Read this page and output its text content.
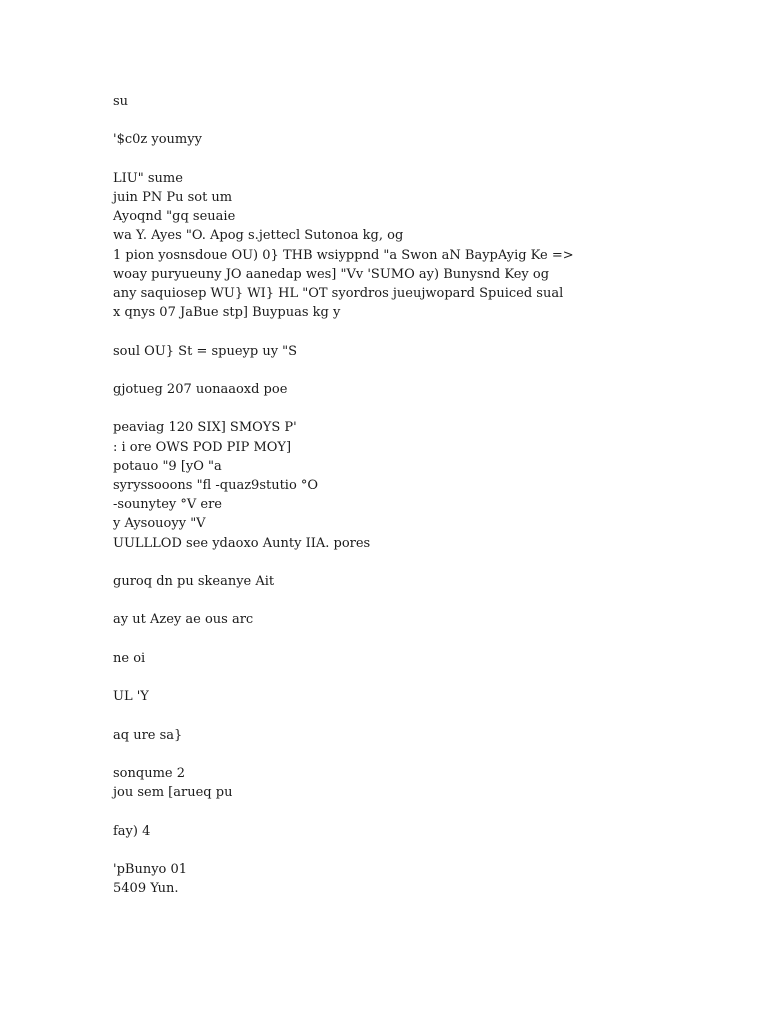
su
'$c0z youmyy
LIU" sume
juin PN Pu sot um
Ayoqnd "gq seuaie
wa Y. Ayes "O. Apog s.jettecl Sutonoa kg, og
1 pion yosnsdoue OU) 0} THB wsiyppnd "a Swon aN BaypAyig Ke =>
woay puryueuny JO aanedap wes] "Vv 'SUMO ay) Bunysnd Key og
any saquiosep WU} WI} HL "OT syordros jueujwopard Spuiced sual
x qnys 07 JaBue stp] Buypuas kg y
soul OU} St = spueyp uy "S
gjotueg 207 uonaaoxd poe
peaviag 120 SIX] SMOYS P'
: i ore OWS POD PIP MOY]
potauo "9 [yO "a
syryssooons "fl -quaz9stutio °O
-sounytey °V ere
y Aysouoyy "V
UULLLOD see ydaoxo Aunty IIA. pores
guroq dn pu skeanye Ait
ay ut Azey ae ous arc
ne oi
UL 'Y
aq ure sa}
sonqume 2
jou sem [arueq pu
fay) 4
'pBunyo 01
5409 Yun.
